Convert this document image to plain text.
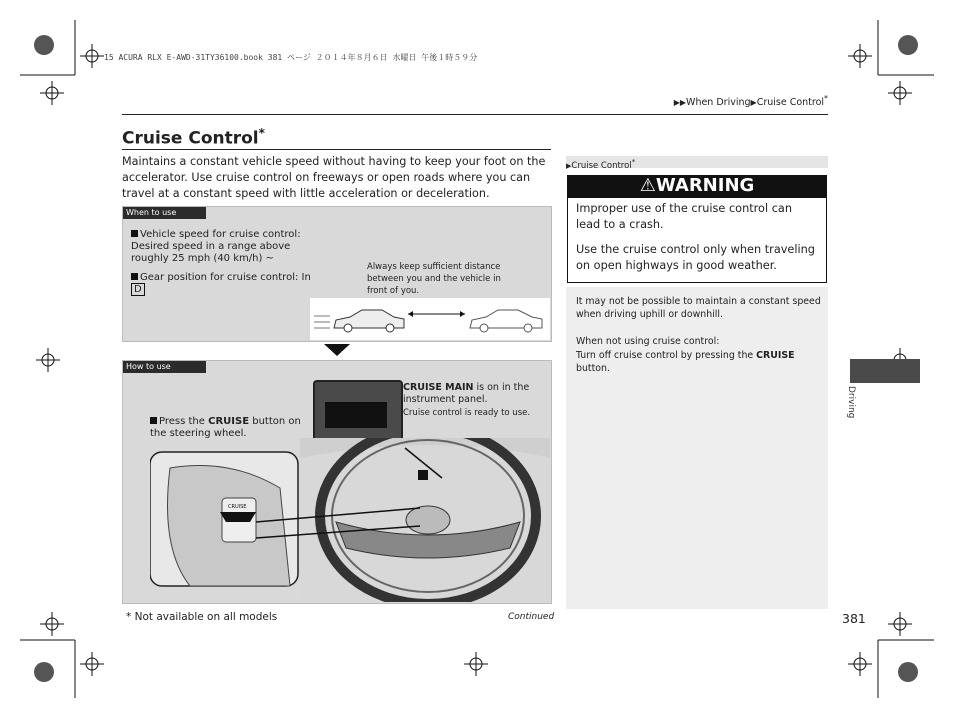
15 ACURA RLX E-AWD-31TY36100.book 381 ページ ２０１４年８月６日 水曜日 午後１時５９分
▶▶When Driving▶Cruise Control*
Cruise Control*
Maintains a constant vehicle speed without having to keep your foot on the accelerator. Use cruise control on freeways or open roads where you can travel at a constant speed with little acceleration or deceleration.
When to use
Vehicle speed for cruise control: Desired speed in a range above roughly 25 mph (40 km/h) ~
Gear position for cruise control: In D
Always keep sufficient distance between you and the vehicle in front of you.
How to use
Press the CRUISE button on the steering wheel.
CRUISE MAIN is on in the instrument panel.
Cruise control is ready to use.
CRUISE
▶Cruise Control*
⚠WARNING
Improper use of the cruise control can lead to a crash.
Use the cruise control only when traveling on open highways in good weather.
It may not be possible to maintain a constant speed when driving uphill or downhill.
When not using cruise control:
Turn off cruise control by pressing the CRUISE button.
Driving
* Not available on all models	Continued	381
